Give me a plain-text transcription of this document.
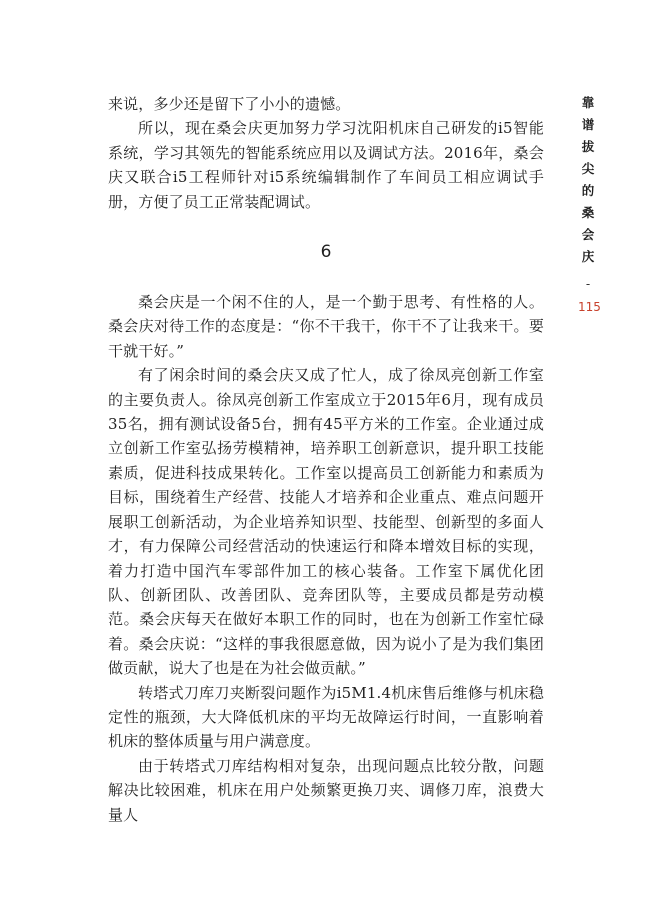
来说，多少还是留下了小小的遗憾。

所以，现在桑会庆更加努力学习沈阳机床自己研发的i5智能系统，学习其领先的智能系统应用以及调试方法。2016年，桑会庆又联合i5工程师针对i5系统编辑制作了车间员工相应调试手册，方便了员工正常装配调试。

6

桑会庆是一个闲不住的人，是一个勤于思考、有性格的人。桑会庆对待工作的态度是：“你不干我干，你干不了让我来干。要干就干好。”

有了闲余时间的桑会庆又成了忙人，成了徐凤亮创新工作室的主要负责人。徐凤亮创新工作室成立于2015年6月，现有成员35名，拥有测试设备5台，拥有45平方米的工作室。企业通过成立创新工作室弘扬劳模精神，培养职工创新意识，提升职工技能素质，促进科技成果转化。工作室以提高员工创新能力和素质为目标，围绕着生产经营、技能人才培养和企业重点、难点问题开展职工创新活动，为企业培养知识型、技能型、创新型的多面人才，有力保障公司经营活动的快速运行和降本增效目标的实现，着力打造中国汽车零部件加工的核心装备。工作室下属优化团队、创新团队、改善团队、竞奔团队等，主要成员都是劳动模范。桑会庆每天在做好本职工作的同时，也在为创新工作室忙碌着。桑会庆说：“这样的事我很愿意做，因为说小了是为我们集团做贡献，说大了也是在为社会做贡献。”

转塔式刀库刀夹断裂问题作为i5M1.4机床售后维修与机床稳定性的瓶颈，大大降低机床的平均无故障运行时间，一直影响着机床的整体质量与用户满意度。

由于转塔式刀库结构相对复杂，出现问题点比较分散，问题解决比较困难，机床在用户处频繁更换刀夹、调修刀库，浪费大量人

靠
谱
拔
尖
的
桑
会
庆
-
115
